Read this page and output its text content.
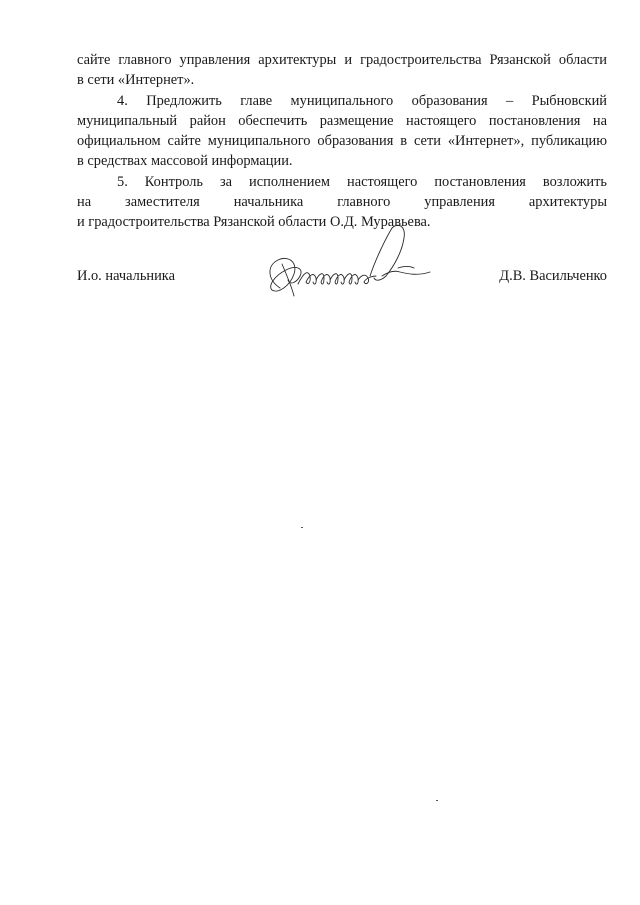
сайте главного управления архитектуры и градостроительства Рязанской области
в сети «Интернет».
4. Предложить главе муниципального образования – Рыбновский
муниципальный район обеспечить размещение настоящего постановления на
официальном сайте муниципального образования в сети «Интернет», публикацию
в средствах массовой информации.
5. Контроль за исполнением настоящего постановления возложить
на заместителя начальника главного управления архитектуры
и градостроительства Рязанской области О.Д. Муравьева.
И.о. начальника	Д.В. Васильченко
